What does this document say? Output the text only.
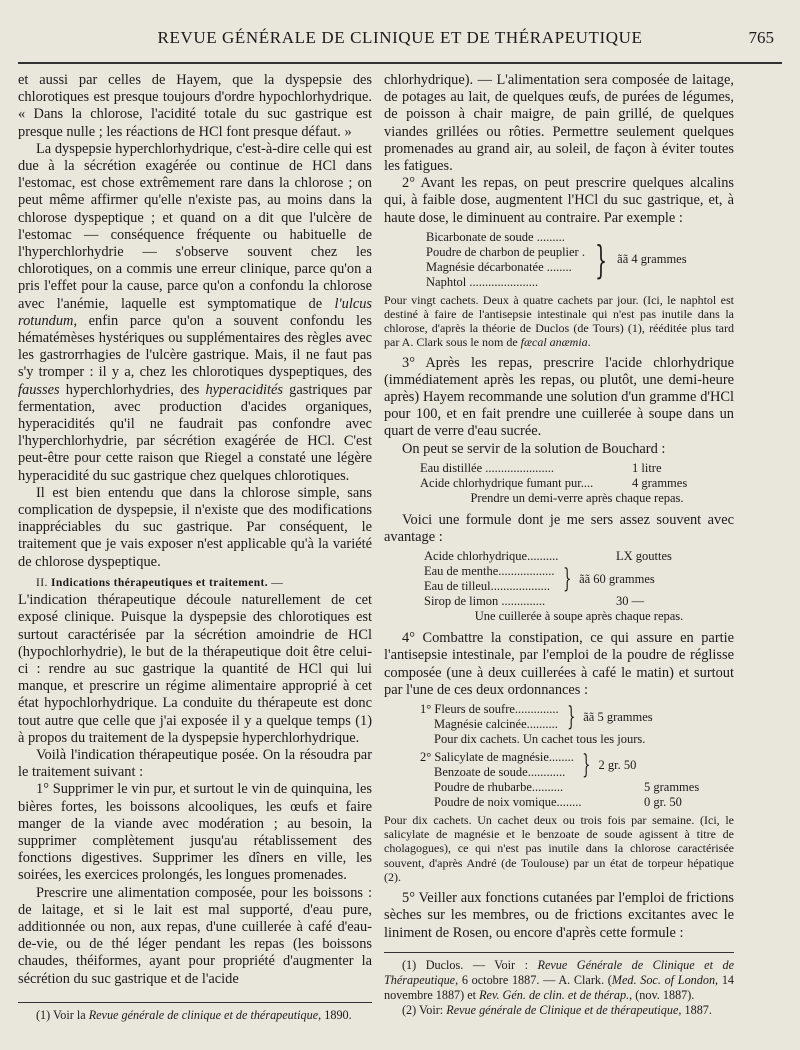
REVUE GÉNÉRALE DE CLINIQUE ET DE THÉRAPEUTIQUE	765

et aussi par celles de Hayem, que la dyspepsie des chlorotiques est presque toujours d'ordre hypochlorhydrique. « Dans la chlorose, l'acidité totale du suc gastrique est presque nulle ; les réactions de HCl font presque défaut. »

La dyspepsie hyperchlorhydrique, c'est-à-dire celle qui est due à la sécrétion exagérée ou continue de HCl dans l'estomac, est chose extrêmement rare dans la chlorose ; on peut même affirmer qu'elle n'existe pas, au moins dans la chlorose dyspeptique ; et quand on a dit que l'ulcère de l'estomac — conséquence fréquente ou habituelle de l'hyperchlorhydrie — s'observe souvent chez les chlorotiques, on a commis une erreur clinique, parce qu'on a pris l'effet pour la cause, parce qu'on a confondu la chlorose avec l'anémie, laquelle est symptomatique de l'ulcus rotundum, enfin parce qu'on a souvent confondu les hématémèses hystériques ou supplémentaires des règles avec les gastrorrhagies de l'ulcère gastrique. Mais, il ne faut pas s'y tromper : il y a, chez les chlorotiques dyspeptiques, des fausses hyperchlorhydries, des hyperacidités gastriques par fermentation, avec production d'acides organiques, hyperacidités qu'il ne faudrait pas confondre avec l'hyperchlorhydrie, par sécrétion exagérée de HCl. C'est peut-être pour cette raison que Riegel a constaté une légère hyperacidité du suc gastrique chez quelques chlorotiques.

Il est bien entendu que dans la chlorose simple, sans complication de dyspepsie, il n'existe que des modifications inappréciables du suc gastrique. Par conséquent, le traitement que je vais exposer n'est applicable qu'à la variété de chlorose dyspeptique.

II. Indications thérapeutiques et traitement. —

L'indication thérapeutique découle naturellement de cet exposé clinique. Puisque la dyspepsie des chlorotiques est surtout caractérisée par la sécrétion amoindrie de HCl (hypochlorhydrie), le but de la thérapeutique doit être celui-ci : rendre au suc gastrique la quantité de HCl qui lui manque, et prescrire un régime alimentaire approprié à cet état hypochlorhydrique. La conduite du thérapeute est donc tout autre que celle que j'ai exposée il y a quelque temps (1) à propos du traitement de la dyspepsie hyperchlorhydrique.

Voilà l'indication thérapeutique posée. On la résoudra par le traitement suivant :

1° Supprimer le vin pur, et surtout le vin de quinquina, les bières fortes, les boissons alcooliques, les œufs et faire manger de la viande avec modération ; au besoin, la supprimer complètement jusqu'au rétablissement des fonctions digestives. Supprimer les dîners en ville, les soirées, les exercices prolongés, les longues promenades.

Prescrire une alimentation composée, pour les boissons : de laitage, et si le lait est mal supporté, d'eau pure, additionnée ou non, aux repas, d'une cuillerée à café d'eau-de-vie, ou de thé léger pendant les repas (les boissons chaudes, théiformes, ayant pour propriété d'augmenter la sécrétion du suc gastrique et de l'acide

(1) Voir la Revue générale de clinique et de thérapeutique, 1890.

chlorhydrique). — L'alimentation sera composée de laitage, de potages au lait, de quelques œufs, de purées de légumes, de poisson à chair maigre, de pain grillé, de quelques viandes grillées ou rôties. Permettre seulement quelques promenades au grand air, au soleil, de façon à éviter toutes les fatigues.

2° Avant les repas, on peut prescrire quelques alcalins qui, à faible dose, augmentent l'HCl du suc gastrique, et, à haute dose, le diminuent au contraire. Par exemple :

Bicarbonate de soude .........
Poudre de charbon de peuplier .
Magnésie décarbonatée ........
Naphtol ......................	} ãã 4 grammes

Pour vingt cachets. Deux à quatre cachets par jour. (Ici, le naphtol est destiné à faire de l'antisepsie intestinale qui n'est pas inutile dans la chlorose, d'après la théorie de Duclos (de Tours) (1), rééditée plus tard par A. Clark sous le nom de fæcal anæmia.

3° Après les repas, prescrire l'acide chlorhydrique (immédiatement après les repas, ou plutôt, une demi-heure après) Hayem recommande une solution d'un gramme d'HCl pour 100, et en fait prendre une cuillerée à soupe dans un quart de verre d'eau sucrée.

On peut se servir de la solution de Bouchard :

Eau distillée ......................	1 litre
Acide chlorhydrique fumant pur....	4 grammes
Prendre un demi-verre après chaque repas.

Voici une formule dont je me sers assez souvent avec avantage :

Acide chlorhydrique..........	LX gouttes
Eau de menthe..................
Eau de tilleul................... } ãã 60 grammes
Sirop de limon ..............	30 —
Une cuillerée à soupe après chaque repas.

4° Combattre la constipation, ce qui assure en partie l'antisepsie intestinale, par l'emploi de la poudre de réglisse composée (une à deux cuillerées à café le matin) et surtout par l'une de ces deux ordonnances :

1° Fleurs de soufre..............
Magnésie calcinée.......... } ãã 5 grammes
Pour dix cachets. Un cachet tous les jours.
2° Salicylate de magnésie........
Benzoate de soude............ } 2 gr. 50
Poudre de rhubarbe..........	5 grammes
Poudre de noix vomique........	0 gr. 50

Pour dix cachets. Un cachet deux ou trois fois par semaine. (Ici, le salicylate de magnésie et le benzoate de soude agissent à titre de cholagogues), ce qui n'est pas inutile dans la chlorose caractérisée souvent, d'après André (de Toulouse) par un état de torpeur hépatique (2).

5° Veiller aux fonctions cutanées par l'emploi de frictions sèches sur les membres, ou de frictions excitantes avec le liniment de Rosen, ou encore d'après cette formule :

(1) Duclos. — Voir : Revue Générale de Clinique et de Thérapeutique, 6 octobre 1887. — A. Clark. (Med. Soc. of London, 14 novembre 1887) et Rev. Gén. de clin. et de thérap., (nov. 1887).

(2) Voir: Revue générale de Clinique et de thérapeutique, 1887.
